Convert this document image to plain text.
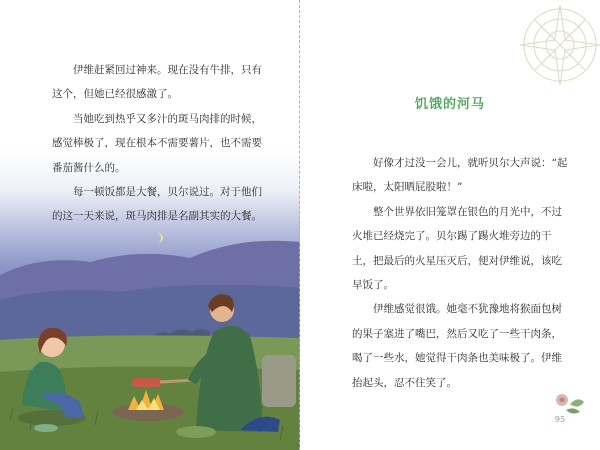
伊维赶紧回过神来。现在没有牛排，只有这个，但她已经很感激了。

当她吃到热乎又多汁的斑马肉排的时候，感觉棒极了，现在根本不需要薯片，也不需要番茄酱什么的。

每一顿饭都是大餐，贝尔说过。对于他们的这一天来说，斑马肉排是名副其实的大餐。

饥饿的河马

好像才过没一会儿，就听贝尔大声说：“起床啦，太阳晒屁股啦！”

整个世界依旧笼罩在银色的月光中，不过火堆已经烧完了。贝尔踢了踢火堆旁边的干土，把最后的火星压灭后，便对伊维说，该吃早饭了。

伊维感觉很饿。她毫不犹豫地将猴面包树的果子塞进了嘴巴，然后又吃了一些干肉条，喝了一些水，她觉得干肉条也美味极了。伊维抬起头，忍不住笑了。

95
